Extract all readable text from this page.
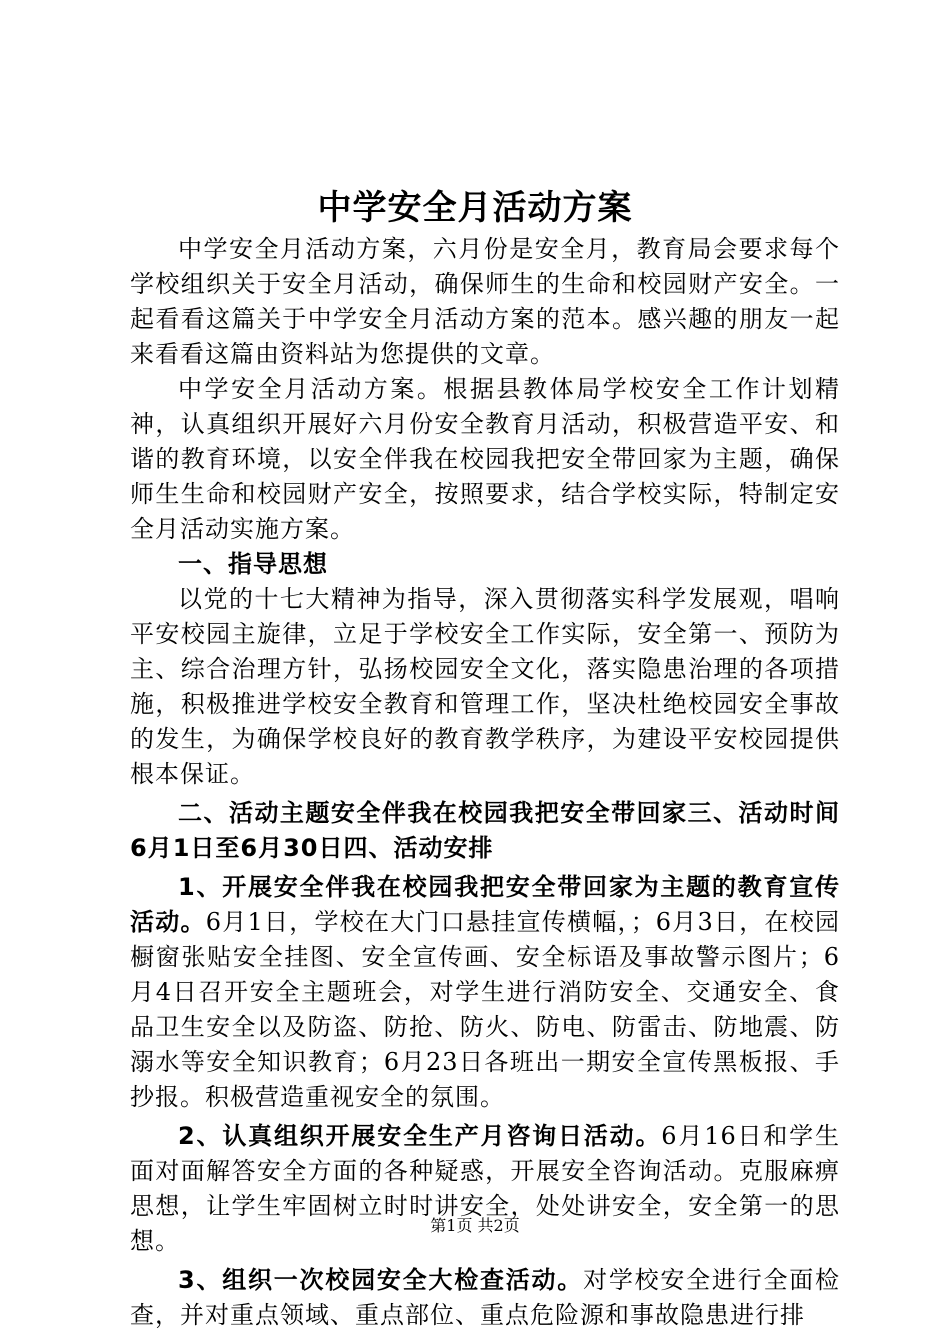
中学安全月活动方案

中学安全月活动方案，六月份是安全月，教育局会要求每个学校组织关于安全月活动，确保师生的生命和校园财产安全。一起看看这篇关于中学安全月活动方案的范本。感兴趣的朋友一起来看看这篇由资料站为您提供的文章。

中学安全月活动方案。根据县教体局学校安全工作计划精神，认真组织开展好六月份安全教育月活动，积极营造平安、和谐的教育环境，以安全伴我在校园我把安全带回家为主题，确保师生生命和校园财产安全，按照要求，结合学校实际，特制定安全月活动实施方案。

一、指导思想

以党的十七大精神为指导，深入贯彻落实科学发展观，唱响平安校园主旋律，立足于学校安全工作实际，安全第一、预防为主、综合治理方针，弘扬校园安全文化，落实隐患治理的各项措施，积极推进学校安全教育和管理工作，坚决杜绝校园安全事故的发生，为确保学校良好的教育教学秩序，为建设平安校园提供根本保证。

二、活动主题安全伴我在校园我把安全带回家三、活动时间6月1日至6月30日四、活动安排

1、开展安全伴我在校园我把安全带回家为主题的教育宣传活动。6月1日，学校在大门口悬挂宣传横幅，；6月3日，在校园橱窗张贴安全挂图、安全宣传画、安全标语及事故警示图片；6月4日召开安全主题班会，对学生进行消防安全、交通安全、食品卫生安全以及防盗、防抢、防火、防电、防雷击、防地震、防溺水等安全知识教育；6月23日各班出一期安全宣传黑板报、手抄报。积极营造重视安全的氛围。

2、认真组织开展安全生产月咨询日活动。6月16日和学生面对面解答安全方面的各种疑惑，开展安全咨询活动。克服麻痹思想，让学生牢固树立时时讲安全，处处讲安全，安全第一的思想。

3、组织一次校园安全大检查活动。对学校安全进行全面检查，并对重点领域、重点部位、重点危险源和事故隐患进行排

第1页 共2页
